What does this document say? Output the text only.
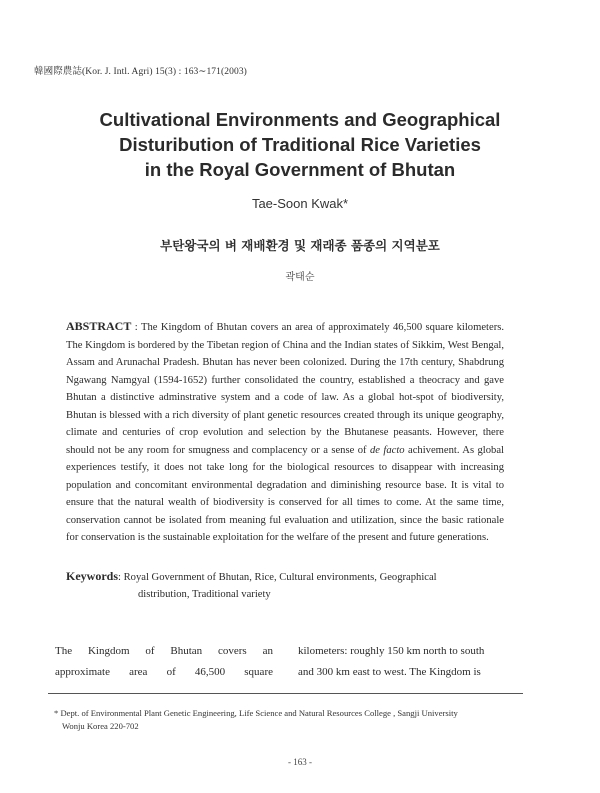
韓國際農誌(Kor. J. Intl. Agri) 15(3) : 163∼171(2003)
Cultivational Environments and Geographical
Disturibution of Traditional Rice Varieties
in the Royal Government of Bhutan
Tae-Soon Kwak*
부탄왕국의 벼 재배환경 및 재래종 품종의 지역분포
곽태순
ABSTRACT : The Kingdom of Bhutan covers an area of approximately 46,500 square kilometers. The Kingdom is bordered by the Tibetan region of China and the Indian states of Sikkim, West Bengal, Assam and Arunachal Pradesh. Bhutan has never been colonized. During the 17th century, Shabdrung Ngawang Namgyal (1594-1652) further consolidated the country, established a theocracy and gave Bhutan a distinctive adminstrative system and a code of law. As a global hot-spot of biodiversity, Bhutan is blessed with a rich diversity of plant genetic resources created through its unique geography, climate and centuries of crop evolution and selection by the Bhutanese peasants. However, there should not be any room for smugness and complacency or a sense of de facto achivement. As global experiences testify, it does not take long for the biological resources to disappear with increasing population and concomitant environmental degradation and diminishing resource base. It is vital to ensure that the natural wealth of biodiversity is conserved for all times to come. At the same time, conservation cannot be isolated from meaning ful evaluation and utilization, since the basic rationale for conservation is the sustainable exploitation for the welfare of the present and future generations.
Keywords: Royal Government of Bhutan, Rice, Cultural environments, Geographical
distribution, Traditional variety
The Kingdom of Bhutan covers an
approximate area of 46,500 square
kilometers: roughly 150 km north to south
and 300 km east to west. The Kingdom is
* Dept. of Environmental Plant Genetic Engineering, Life Science and Natural Resources College , Sangji University
Wonju Korea 220-702
- 163 -
